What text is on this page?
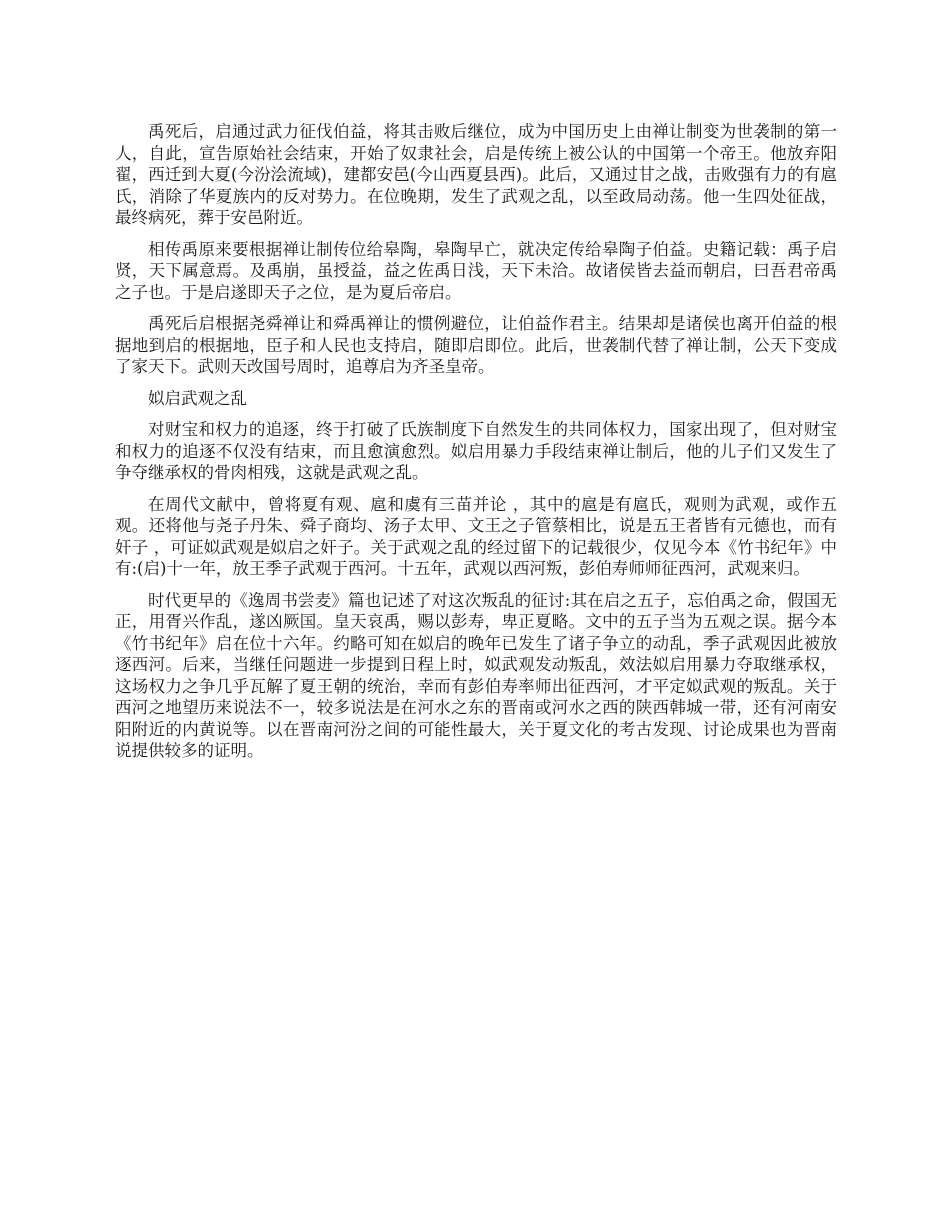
禹死后，启通过武力征伐伯益，将其击败后继位，成为中国历史上由禅让制变为世袭制的第一人，自此，宣告原始社会结束，开始了奴隶社会，启是传统上被公认的中国第一个帝王。他放弃阳翟，西迁到大夏(今汾浍流域)，建都安邑(今山西夏县西)。此后，又通过甘之战，击败强有力的有扈氏，消除了华夏族内的反对势力。在位晚期，发生了武观之乱，以至政局动荡。他一生四处征战，最终病死，葬于安邑附近。

相传禹原来要根据禅让制传位给皋陶，皋陶早亡，就决定传给皋陶子伯益。史籍记载：禹子启贤，天下属意焉。及禹崩，虽授益，益之佐禹日浅，天下未洽。故诸侯皆去益而朝启，曰吾君帝禹之子也。于是启遂即天子之位，是为夏后帝启。

禹死后启根据尧舜禅让和舜禹禅让的惯例避位，让伯益作君主。结果却是诸侯也离开伯益的根据地到启的根据地，臣子和人民也支持启，随即启即位。此后，世袭制代替了禅让制，公天下变成了家天下。武则天改国号周时，追尊启为齐圣皇帝。

姒启武观之乱

对财宝和权力的追逐，终于打破了氏族制度下自然发生的共同体权力，国家出现了，但对财宝和权力的追逐不仅没有结束，而且愈演愈烈。姒启用暴力手段结束禅让制后，他的儿子们又发生了争夺继承权的骨肉相残，这就是武观之乱。

在周代文献中，曾将夏有观、扈和虞有三苗并论 ，其中的扈是有扈氏，观则为武观，或作五观。还将他与尧子丹朱、舜子商均、汤子太甲、文王之子管蔡相比，说是五王者皆有元德也，而有奸子 ，可证姒武观是姒启之奸子。关于武观之乱的经过留下的记载很少，仅见今本《竹书纪年》中有:(启)十一年，放王季子武观于西河。十五年，武观以西河叛，彭伯寿师师征西河，武观来归。

时代更早的《逸周书尝麦》篇也记述了对这次叛乱的征讨:其在启之五子，忘伯禹之命，假国无正，用胥兴作乱，遂凶厥国。皇天哀禹，赐以彭寿，卑正夏略。文中的五子当为五观之误。据今本《竹书纪年》启在位十六年。约略可知在姒启的晚年已发生了诸子争立的动乱，季子武观因此被放逐西河。后来，当继任问题进一步提到日程上时，姒武观发动叛乱，效法姒启用暴力夺取继承权，这场权力之争几乎瓦解了夏王朝的统治，幸而有彭伯寿率师出征西河，才平定姒武观的叛乱。关于西河之地望历来说法不一，较多说法是在河水之东的晋南或河水之西的陕西韩城一带，还有河南安阳附近的内黄说等。以在晋南河汾之间的可能性最大，关于夏文化的考古发现、讨论成果也为晋南说提供较多的证明。
